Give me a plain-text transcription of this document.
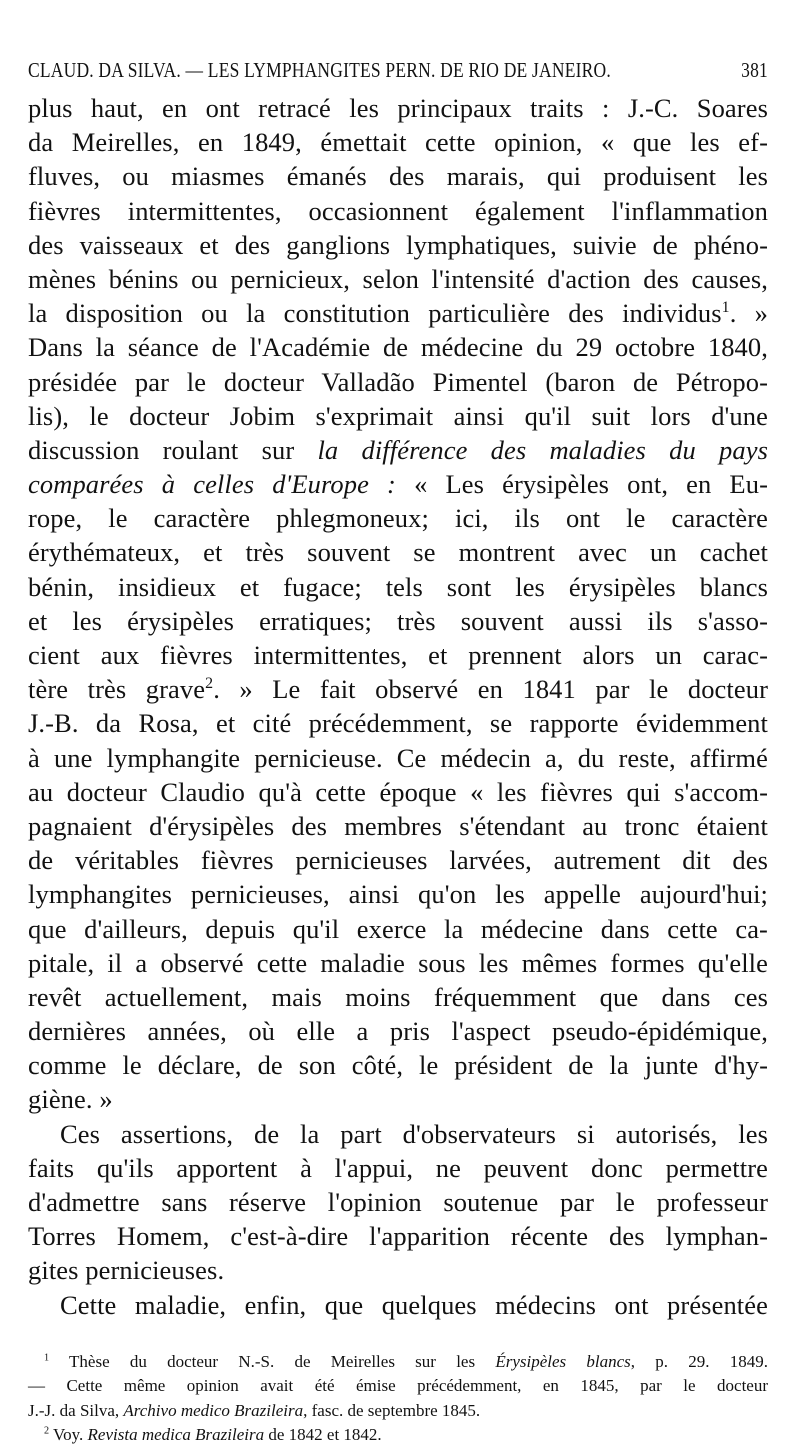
CLAUD. DA SILVA. — LES LYMPHANGITES PERN. DE RIO DE JANEIRO.	381
plus haut, en ont retracé les principaux traits : J.-C. Soares
da Meirelles, en 1849, émettait cette opinion, « que les ef-
fluves, ou miasmes émanés des marais, qui produisent les
fièvres intermittentes, occasionnent également l'inflammation
des vaisseaux et des ganglions lymphatiques, suivie de phéno-
mènes bénins ou pernicieux, selon l'intensité d'action des causes,
la disposition ou la constitution particulière des individus$^1$. »
Dans la séance de l'Académie de médecine du 29 octobre 1840,
présidée par le docteur Valladão Pimentel (baron de Pétropo-
lis), le docteur Jobim s'exprimait ainsi qu'il suit lors d'une
discussion roulant sur la différence des maladies du pays
comparées à celles d'Europe : « Les érysipèles ont, en Eu-
rope, le caractère phlegmoneux; ici, ils ont le caractère
érythémateux, et très souvent se montrent avec un cachet
bénin, insidieux et fugace; tels sont les érysipèles blancs
et les érysipèles erratiques; très souvent aussi ils s'asso-
cient aux fièvres intermittentes, et prennent alors un carac-
tère très grave$^2$. » Le fait observé en 1841 par le docteur
J.-B. da Rosa, et cité précédemment, se rapporte évidemment
à une lymphangite pernicieuse. Ce médecin a, du reste, affirmé
au docteur Claudio qu'à cette époque « les fièvres qui s'accom-
pagnaient d'érysipèles des membres s'étendant au tronc étaient
de véritables fièvres pernicieuses larvées, autrement dit des
lymphangites pernicieuses, ainsi qu'on les appelle aujourd'hui;
que d'ailleurs, depuis qu'il exerce la médecine dans cette ca-
pitale, il a observé cette maladie sous les mêmes formes qu'elle
revêt actuellement, mais moins fréquemment que dans ces
dernières années, où elle a pris l'aspect pseudo-épidémique,
comme le déclare, de son côté, le président de la junte d'hy-
giène. »
Ces assertions, de la part d'observateurs si autorisés, les
faits qu'ils apportent à l'appui, ne peuvent donc permettre
d'admettre sans réserve l'opinion soutenue par le professeur
Torres Homem, c'est-à-dire l'apparition récente des lymphan-
gites pernicieuses.
Cette maladie, enfin, que quelques médecins ont présentée
$^1$ Thèse du docteur N.-S. de Meirelles sur les Érysipèles blancs, p. 29. 1849.
— Cette même opinion avait été émise précédemment, en 1845, par le docteur
J.-J. da Silva, Archivo medico Brazileira, fasc. de septembre 1845.
$^2$ Voy. Revista medica Brazileira de 1842 et 1842.
